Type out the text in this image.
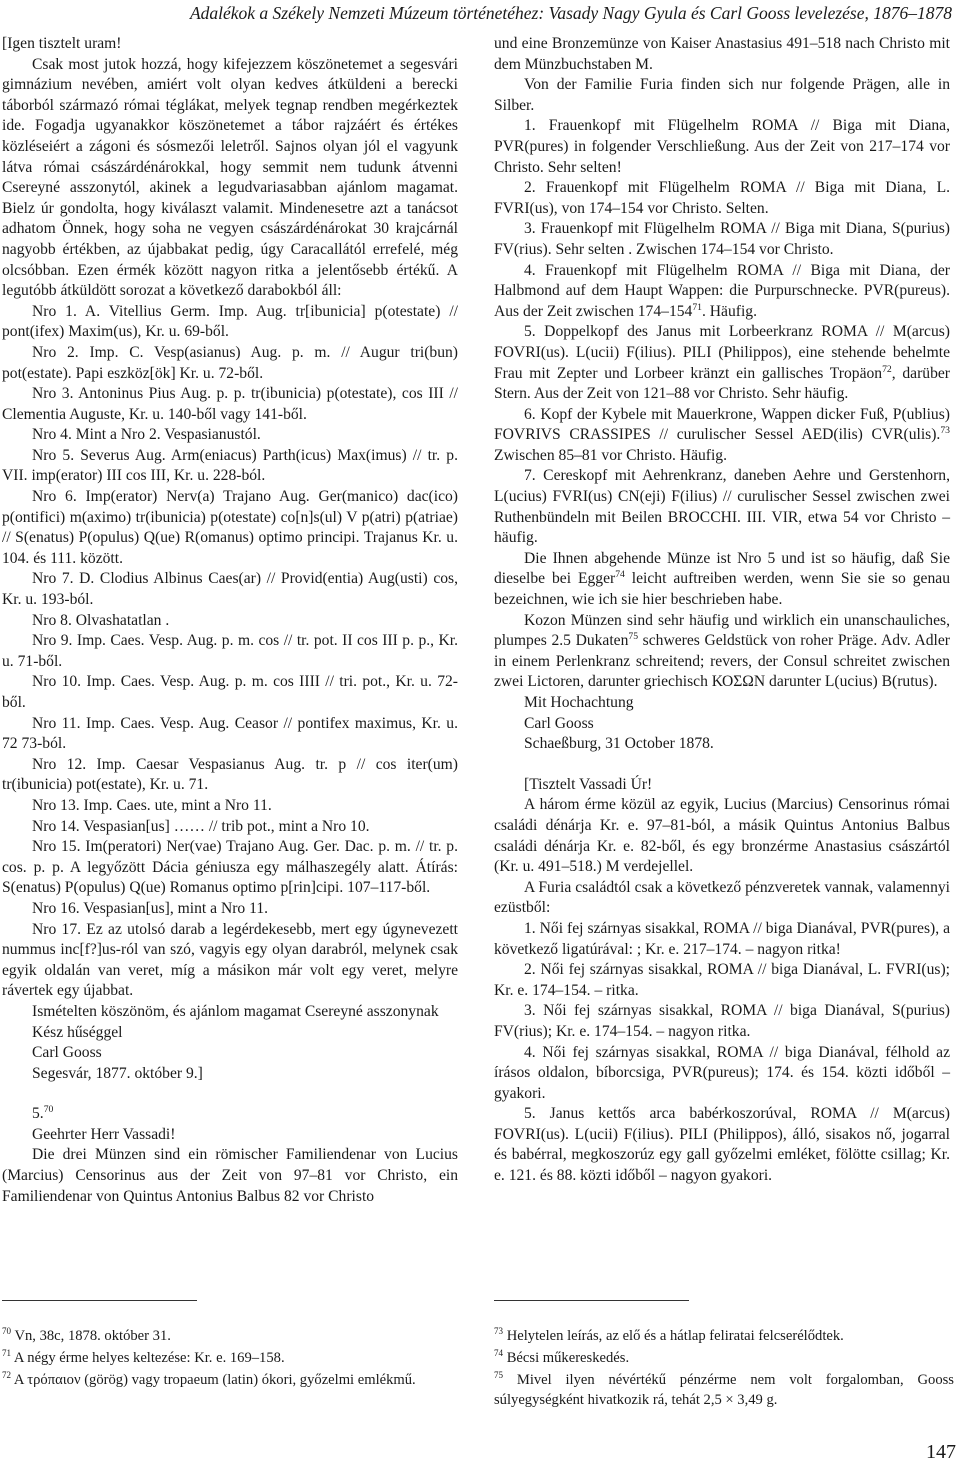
Adalékok a Székely Nemzeti Múzeum történetéhez: Vasady Nagy Gyula és Carl Gooss levelezése, 1876–1878

[Igen tisztelt uram!

Csak most jutok hozzá, hogy kifejezzem köszönetemet a segesvári gimnázium nevében, amiért volt olyan kedves átküldeni a berecki táborból származó római téglákat, melyek tegnap rendben megérkeztek ide. Fogadja ugyanakkor köszönetemet a tábor rajzáért és értékes közléseiért a zágoni és sósmezői leletről. Sajnos olyan jól el vagyunk látva római császárdénárokkal, hogy semmit nem tudunk átvenni Csereyné asszonytól, akinek a legudvariasabban ajánlom magamat. Bielz úr gondolta, hogy kiválaszt valamit. Mindenesetre azt a tanácsot adhatom Önnek, hogy soha ne vegyen császárdénárokat 30 krajcárnál nagyobb értékben, az újabbakat pedig, úgy Caracallától errefelé, még olcsóbban. Ezen érmék között nagyon ritka a jelentősebb értékű. A legutóbb átküldött sorozat a következő darabokból áll:

Nro 1. A. Vitellius Germ. Imp. Aug. tr[ibunicia] p(otestate) // pont(ifex) Maxim(us), Kr. u. 69-ből.

Nro 2. Imp. C. Vesp(asianus) Aug. p. m. // Augur tri(bun) pot(estate). Papi eszköz[ök] Kr. u. 72-ből.

Nro 3. Antoninus Pius Aug. p. p. tr(ibunicia) p(otestate), cos III // Clementia Auguste, Kr. u. 140-ből vagy 141-ből.

Nro 4. Mint a Nro 2. Vespasianustól.

Nro 5. Severus Aug. Arm(eniacus) Parth(icus) Max(imus) // tr. p. VII. imp(erator) III cos III, Kr. u. 228-ból.

Nro 6. Imp(erator) Nerv(a) Trajano Aug. Ger(manico) dac(ico) p(ontifici) m(aximo) tr(ibunicia) p(otestate) co[n]s(ul) V p(atri) p(atriae) // S(enatus) P(opulus) Q(ue) R(omanus) optimo principi. Trajanus Kr. u. 104. és 111. között.

Nro 7. D. Clodius Albinus Caes(ar) // Provid(entia) Aug(usti) cos, Kr. u. 193-ból.

Nro 8. Olvashatatlan .

Nro 9. Imp. Caes. Vesp. Aug. p. m. cos // tr. pot. II cos III p. p., Kr. u. 71-ből.

Nro 10. Imp. Caes. Vesp. Aug. p. m. cos IIII // tri. pot., Kr. u. 72-ből.

Nro 11. Imp. Caes. Vesp. Aug. Ceasor // pontifex maximus, Kr. u. 72 73-ból.

Nro 12. Imp. Caesar Vespasianus Aug. tr. p // cos iter(um) tr(ibunicia) pot(estate), Kr. u. 71.

Nro 13. Imp. Caes. ute, mint a Nro 11.

Nro 14. Vespasian[us] …… // trib pot., mint a Nro 10.

Nro 15. Im(peratori) Ner(vae) Trajano Aug. Ger. Dac. p. m. // tr. p. cos. p. p. A legyőzött Dácia géniusza egy málhaszegély alatt. Átírás: S(enatus) P(opulus) Q(ue) Romanus optimo p[rin]cipi. 107–117-ből.

Nro 16. Vespasian[us], mint a Nro 11.

Nro 17. Ez az utolsó darab a legérdekesebb, mert egy úgynevezett nummus inc[f?]us-ról van szó, vagyis egy olyan darabról, melynek csak egyik oldalán van veret, míg a másikon már volt egy veret, melyre rávertek egy újabbat.

Ismételten köszönöm, és ajánlom magamat Csereyné asszonynak

Kész hűséggel

Carl Gooss

Segesvár, 1877. október 9.]

5.70

Geehrter Herr Vassadi!

Die drei Münzen sind ein römischer Familiendenar von Lucius (Marcius) Censorinus aus der Zeit von 97–81 vor Christo, ein Familiendenar von Quintus Antonius Balbus 82 vor Christo

und eine Bronzemünze von Kaiser Anastasius 491–518 nach Christo mit dem Münzbuchstaben M.

Von der Familie Furia finden sich nur folgende Prägen, alle in Silber.

1. Frauenkopf mit Flügelhelm ROMA // Biga mit Diana, PVR(pures) in folgender Verschließung. Aus der Zeit von 217–174 vor Christo. Sehr selten!

2. Frauenkopf mit Flügelhelm ROMA // Biga mit Diana, L. FVRI(us), von 174–154 vor Christo. Selten.

3. Frauenkopf mit Flügelhelm ROMA // Biga mit Diana, S(purius) FV(rius). Sehr selten . Zwischen 174–154 vor Christo.

4. Frauenkopf mit Flügelhelm ROMA // Biga mit Diana, der Halbmond auf dem Haupt Wappen: die Purpurschnecke. PVR(pureus). Aus der Zeit zwischen $174-154^{71}$. Häufig.

5. Doppelkopf des Janus mit Lorbeerkranz ROMA // M(arcus) FOVRI(us). L(ucii) F(ilius). PILI (Philippos), eine stehende behelmte Frau mit Zepter und Lorbeer kränzt ein gallisches Tropäon$^{72}$, darüber Stern. Aus der Zeit von 121–88 vor Christo. Sehr häufig.

6. Kopf der Kybele mit Mauerkrone, Wappen dicker Fuß, P(ublius) FOVRIVS CRASSIPES // curulischer Sessel AED(ilis) CVR(ulis).$^{73}$ Zwischen 85–81 vor Christo. Häufig.

7. Cereskopf mit Aehrenkranz, daneben Aehre und Gerstenhorn, L(ucius) FVRI(us) CN(eji) F(ilius) // curulischer Sessel zwischen zwei Ruthenbündeln mit Beilen BROCCHI. III. VIR, etwa 54 vor Christo – häufig.

Die Ihnen abgehende Münze ist Nro 5 und ist so häufig, daß Sie dieselbe bei Egger$^{74}$ leicht auftreiben werden, wenn Sie sie so genau bezeichnen, wie ich sie hier beschrieben habe.

Kozon Münzen sind sehr häufig und wirklich ein unanschauliches, plumpes 2.5 Dukaten$^{75}$ schweres Geldstück von roher Präge. Adv. Adler in einem Perlenkranz schreitend; revers, der Consul schreitet zwischen zwei Lictoren, darunter griechisch ΚΟΣΩΝ darunter L(ucius) B(rutus).

Mit Hochachtung

Carl Gooss

Schaeßburg, 31 October 1878.

[Tisztelt Vassadi Úr!

A három érme közül az egyik, Lucius (Marcius) Censorinus római családi dénárja Kr. e. 97–81-ból, a másik Quintus Antonius Balbus családi dénárja Kr. e. 82-ből, és egy bronzérme Anastasius császártól (Kr. u. 491–518.) M verdejellel.

A Furia családtól csak a következő pénzveretek vannak, valamennyi ezüstből:

1. Női fej szárnyas sisakkal, ROMA // biga Dianával, PVR(pures), a következő ligatúrával: ; Kr. e. 217–174. – nagyon ritka!

2. Női fej szárnyas sisakkal, ROMA // biga Dianával, L. FVRI(us); Kr. e. 174–154. – ritka.

3. Női fej szárnyas sisakkal, ROMA // biga Dianával, S(purius) FV(rius); Kr. e. 174–154. – nagyon ritka.

4. Női fej szárnyas sisakkal, ROMA // biga Dianával, félhold az írásos oldalon, bíborcsiga, PVR(pureus); 174. és 154. közti időből – gyakori.

5. Janus kettős arca babérkoszorúval, ROMA // M(arcus) FOVRI(us). L(ucii) F(ilius). PILI (Philippos), álló, sisakos nő, jogarral és babérral, megkoszorúz egy gall győzelmi emléket, fölötte csillag; Kr. e. 121. és 88. közti időből – nagyon gyakori.

$^{70}$ Vn, 38c, 1878. október 31.

$^{71}$ A négy érme helyes keltezése: Kr. e. 169–158.

$^{72}$ A τρόπαιον (görög) vagy tropaeum (latin) ókori, győzelmi emlékmű.

$^{73}$ Helytelen leírás, az elő és a hátlap feliratai felcserélődtek.

$^{74}$ Bécsi műkereskedés.

$^{75}$ Mivel ilyen névértékű pénzérme nem volt forgalomban, Gooss súlyegységként hivatkozik rá, tehát 2,5 × 3,49 g.

147
